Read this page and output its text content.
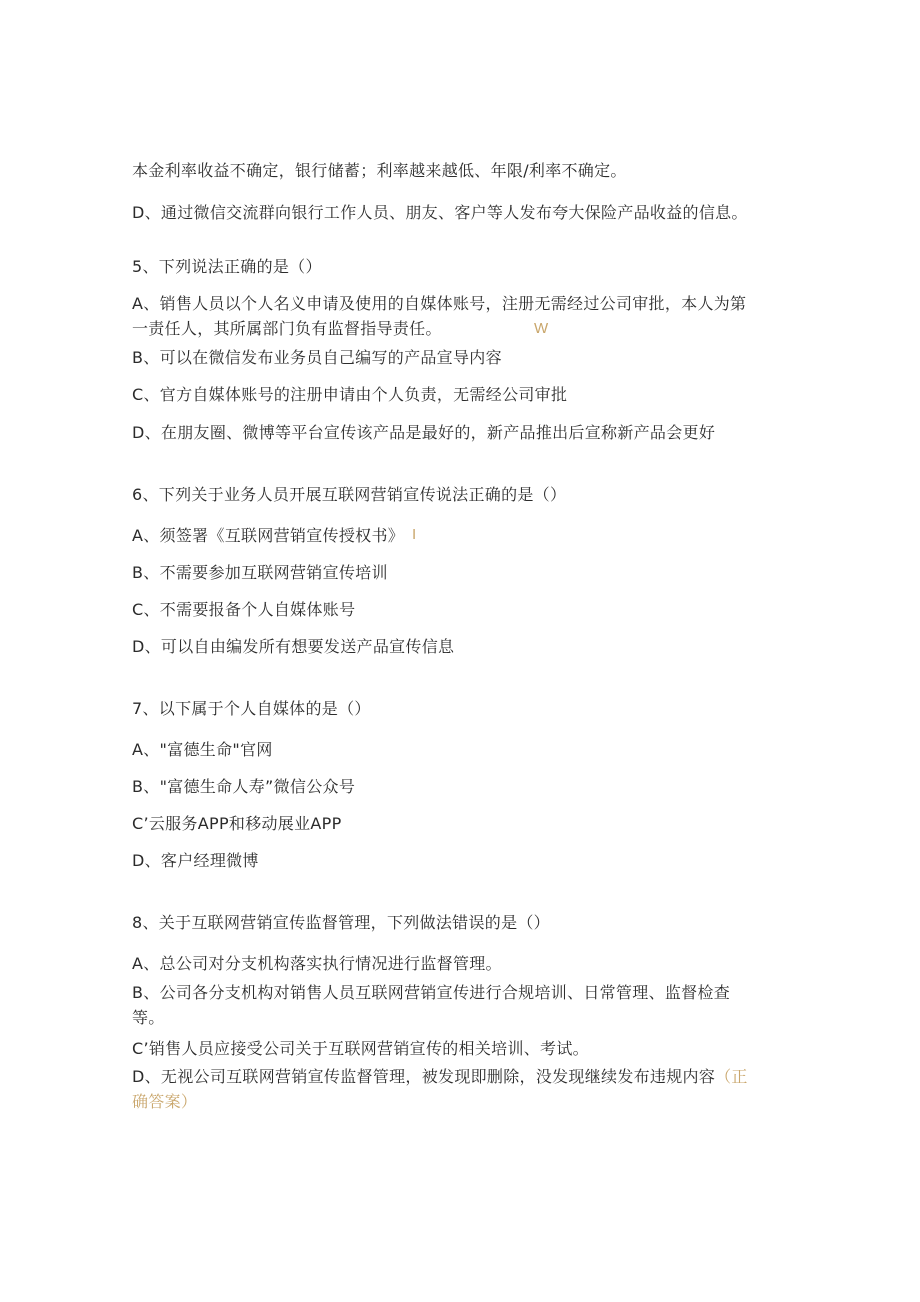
本金利率收益不确定，银行储蓄；利率越来越低、年限/利率不确定。
D、通过微信交流群向银行工作人员、朋友、客户等人发布夸大保险产品收益的信息。
5、下列说法正确的是（）
A、销售人员以个人名义申请及使用的自媒体账号，注册无需经过公司审批，本人为第
一责任人，其所属部门负有监督指导责任。	W
B、可以在微信发布业务员自己编写的产品宣导内容
C、官方自媒体账号的注册申请由个人负责，无需经公司审批
D、在朋友圈、微博等平台宣传该产品是最好的，新产品推出后宣称新产品会更好
6、下列关于业务人员开展互联网营销宣传说法正确的是（）
A、须签署《互联网营销宣传授权书》 I
B、不需要参加互联网营销宣传培训
C、不需要报备个人自媒体账号
D、可以自由编发所有想要发送产品宣传信息
7、以下属于个人自媒体的是（）
A、"富德生命"官网
B、"富德生命人寿”微信公众号
C’云服务APP和移动展业APP
D、客户经理微博
8、关于互联网营销宣传监督管理，下列做法错误的是（）
A、总公司对分支机构落实执行情况进行监督管理。
B、公司各分支机构对销售人员互联网营销宣传进行合规培训、日常管理、监督检查
等。
C’销售人员应接受公司关于互联网营销宣传的相关培训、考试。
D、无视公司互联网营销宣传监督管理，被发现即删除，没发现继续发布违规内容（正
确答案）
